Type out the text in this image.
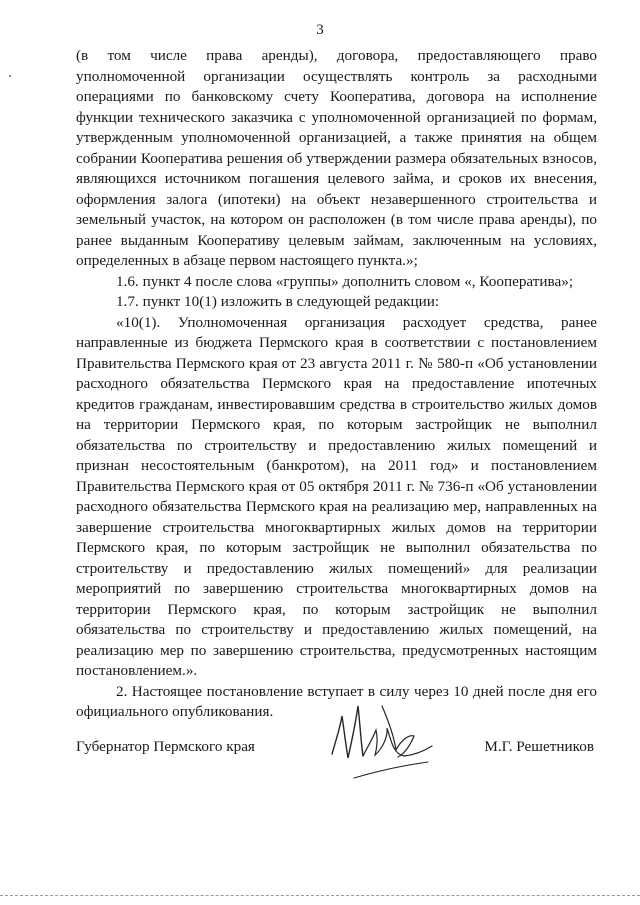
3

(в том числе права аренды), договора, предоставляющего право уполномоченной организации осуществлять контроль за расходными операциями по банковскому счету Кооператива, договора на исполнение функции технического заказчика с уполномоченной организацией по формам, утвержденным уполномоченной организацией, а также принятия на общем собрании Кооператива решения об утверждении размера обязательных взносов, являющихся источником погашения целевого займа, и сроков их внесения, оформления залога (ипотеки) на объект незавершенного строительства и земельный участок, на котором он расположен (в том числе права аренды), по ранее выданным Кооперативу целевым займам, заключенным на условиях, определенных в абзаце первом настоящего пункта.»;

1.6. пункт 4 после слова «группы» дополнить словом «, Кооператива»;

1.7. пункт 10(1) изложить в следующей редакции:

«10(1). Уполномоченная организация расходует средства, ранее направленные из бюджета Пермского края в соответствии с постановлением Правительства Пермского края от 23 августа 2011 г. № 580-п «Об установлении расходного обязательства Пермского края на предоставление ипотечных кредитов гражданам, инвестировавшим средства в строительство жилых домов на территории Пермского края, по которым застройщик не выполнил обязательства по строительству и предоставлению жилых помещений и признан несостоятельным (банкротом), на 2011 год» и постановлением Правительства Пермского края от 05 октября 2011 г. № 736-п «Об установлении расходного обязательства Пермского края на реализацию мер, направленных на завершение строительства многоквартирных жилых домов на территории Пермского края, по которым застройщик не выполнил обязательства по строительству и предоставлению жилых помещений» для реализации мероприятий по завершению строительства многоквартирных домов на территории Пермского края, по которым застройщик не выполнил обязательства по строительству и предоставлению жилых помещений, на реализацию мер по завершению строительства, предусмотренных настоящим постановлением.».

2. Настоящее постановление вступает в силу через 10 дней после дня его официального опубликования.

Губернатор Пермского края	М.Г. Решетников
